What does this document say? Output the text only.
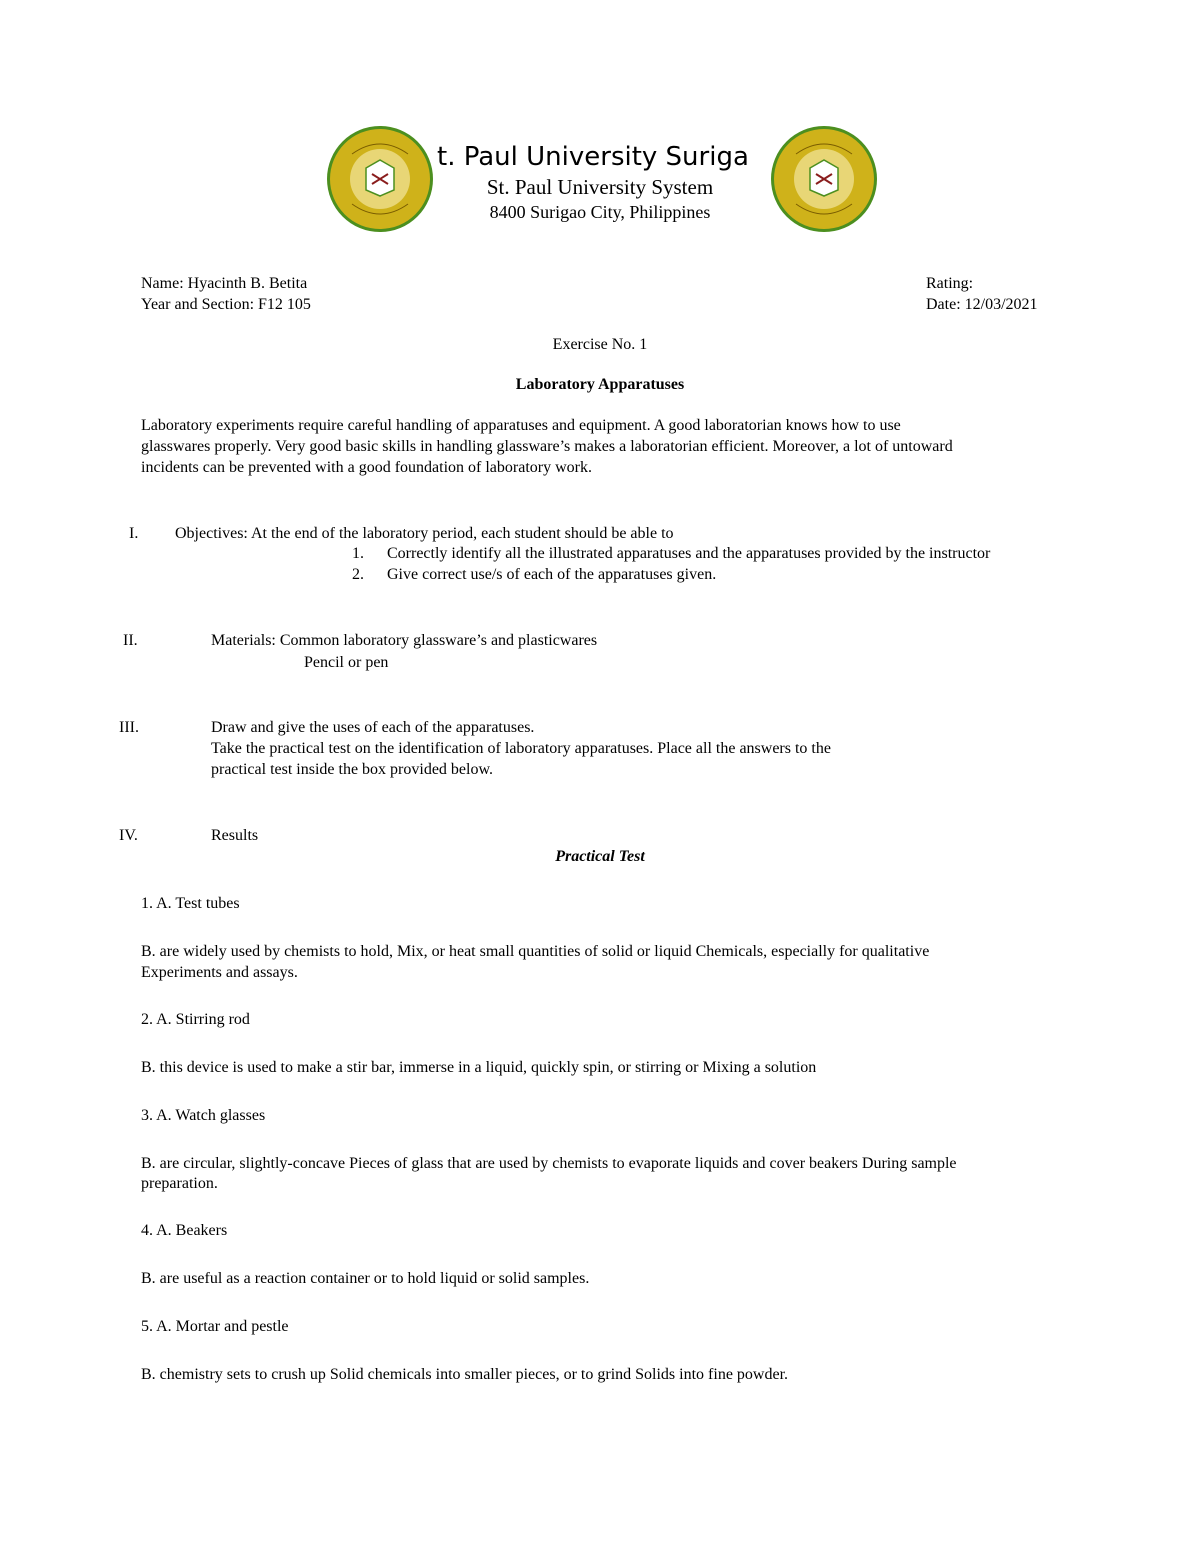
t. Paul University Suriga
St. Paul University System
8400 Surigao City, Philippines
Name: Hyacinth B. Betita
Year and Section: F12 105
Rating:
Date: 12/03/2021
Exercise No. 1
Laboratory Apparatuses
Laboratory experiments require careful handling of apparatuses and equipment. A good laboratorian knows how to use
glasswares properly. Very good basic skills in handling glassware’s makes a laboratorian efficient. Moreover, a lot of untoward
incidents can be prevented with a good foundation of laboratory work.
I. Objectives: At the end of the laboratory period, each student should be able to
1. Correctly identify all the illustrated apparatuses and the apparatuses provided by the instructor
2. Give correct use/s of each of the apparatuses given.
II.	Materials: Common laboratory glassware’s and plasticwares
Pencil or pen
III.	Draw and give the uses of each of the apparatuses.
Take the practical test on the identification of laboratory apparatuses. Place all the answers to the
practical test inside the box provided below.
IV.	Results
Practical Test
1. A. Test tubes
B. are widely used by chemists to hold, Mix, or heat small quantities of solid or liquid Chemicals, especially for qualitative
Experiments and assays.
2. A. Stirring rod
B. this device is used to make a stir bar, immerse in a liquid, quickly spin, or stirring or Mixing a solution
3. A. Watch glasses
B. are circular, slightly-concave Pieces of glass that are used by chemists to evaporate liquids and cover beakers During sample
preparation.
4. A. Beakers
B. are useful as a reaction container or to hold liquid or solid samples.
5. A. Mortar and pestle
B. chemistry sets to crush up Solid chemicals into smaller pieces, or to grind Solids into fine powder.
